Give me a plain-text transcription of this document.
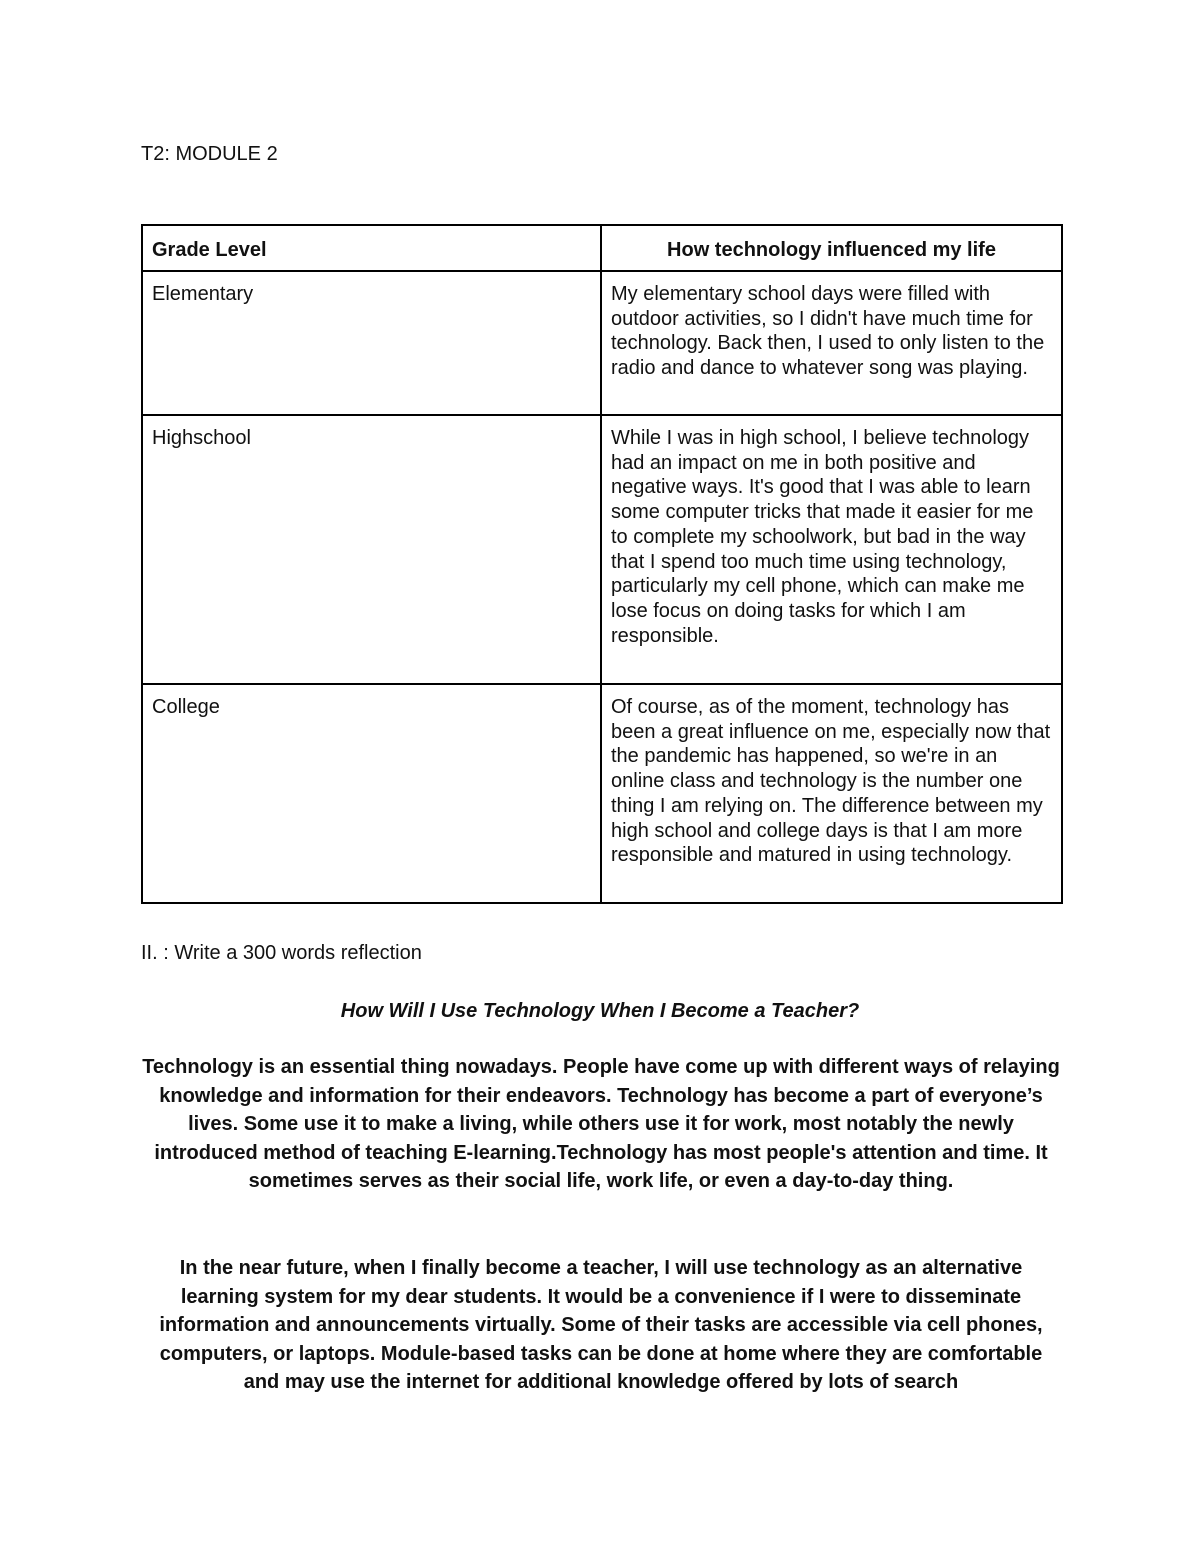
T2: MODULE 2
Grade Level	How technology influenced my life
Elementary	My elementary school days were filled with outdoor activities, so I didn't have much time for technology. Back then, I used to only listen to the radio and dance to whatever song was playing.
Highschool	While I was in high school, I believe technology had an impact on me in both positive and negative ways. It's good that I was able to learn some computer tricks that made it easier for me to complete my schoolwork, but bad in the way that I spend too much time using technology, particularly my cell phone, which can make me lose focus on doing tasks for which I am responsible.
College	Of course, as of the moment, technology has been a great influence on me, especially now that the pandemic has happened, so we're in an online class and technology is the number one thing I am relying on. The difference between my high school and college days is that I am more responsible and matured in using technology.
II. : Write a 300 words reflection
How Will I Use Technology When I Become a Teacher?

Technology is an essential thing nowadays. People have come up with different ways of relaying knowledge and information for their endeavors. Technology has become a part of everyone’s lives. Some use it to make a living, while others use it for work, most notably the newly introduced method of teaching E-learning.Technology has most people's attention and time. It sometimes serves as their social life, work life, or even a day-to-day thing.

In the near future, when I finally become a teacher, I will use technology as an alternative learning system for my dear students. It would be a convenience if I were to disseminate information and announcements virtually. Some of their tasks are accessible via cell phones, computers, or laptops. Module-based tasks can be done at home where they are comfortable and may use the internet for additional knowledge offered by lots of search
